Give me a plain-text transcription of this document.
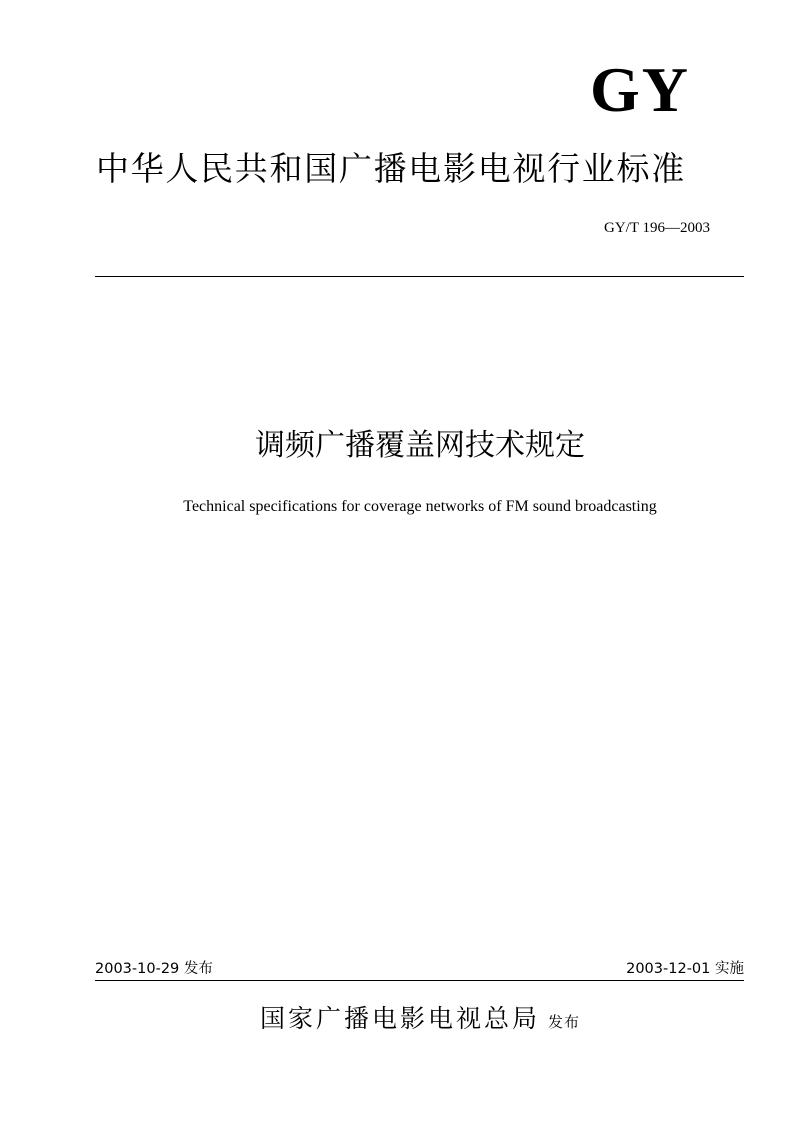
GY
中华人民共和国广播电影电视行业标准
GY/T 196—2003
调频广播覆盖网技术规定
Technical specifications for coverage networks of FM sound broadcasting
2003-10-29 发布	2003-12-01 实施
国家广播电影电视总局 发布
